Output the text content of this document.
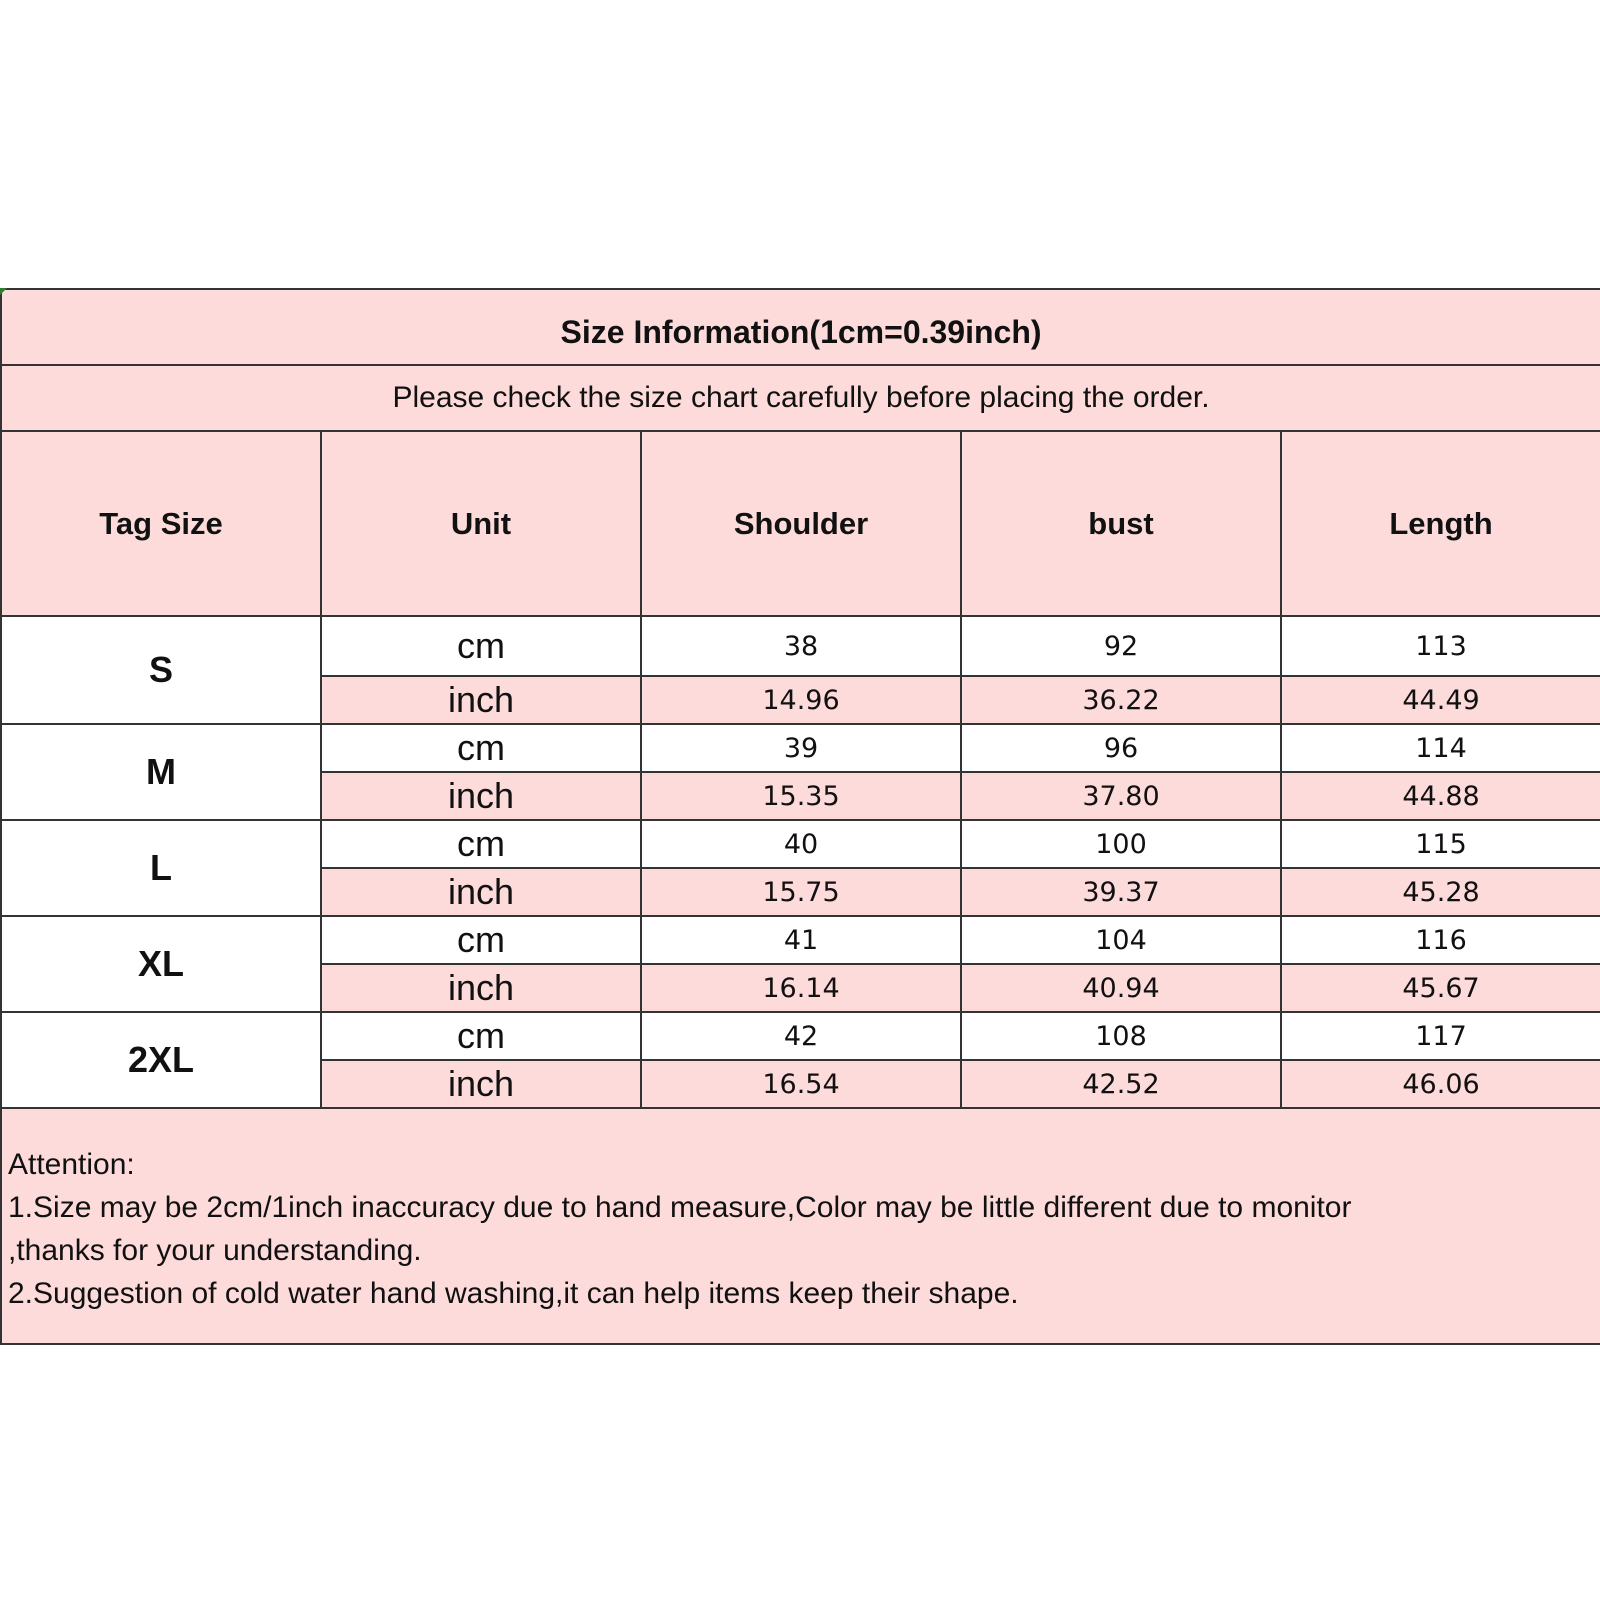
Size Information(1cm=0.39inch)				
Please check the size chart carefully before placing the order.				
Tag Size	Unit	Shoulder	bust	Length
S	cm	38	92	113
	inch	14.96	36.22	44.49
M	cm	39	96	114
	inch	15.35	37.80	44.88
L	cm	40	100	115
	inch	15.75	39.37	45.28
XL	cm	41	104	116
	inch	16.14	40.94	45.67
2XL	cm	42	108	117
	inch	16.54	42.52	46.06

Attention:
1.Size may be 2cm/1inch inaccuracy due to hand measure,Color may be little different due to monitor
,thanks for your understanding.
2.Suggestion of cold water hand washing,it can help items keep their shape.				
